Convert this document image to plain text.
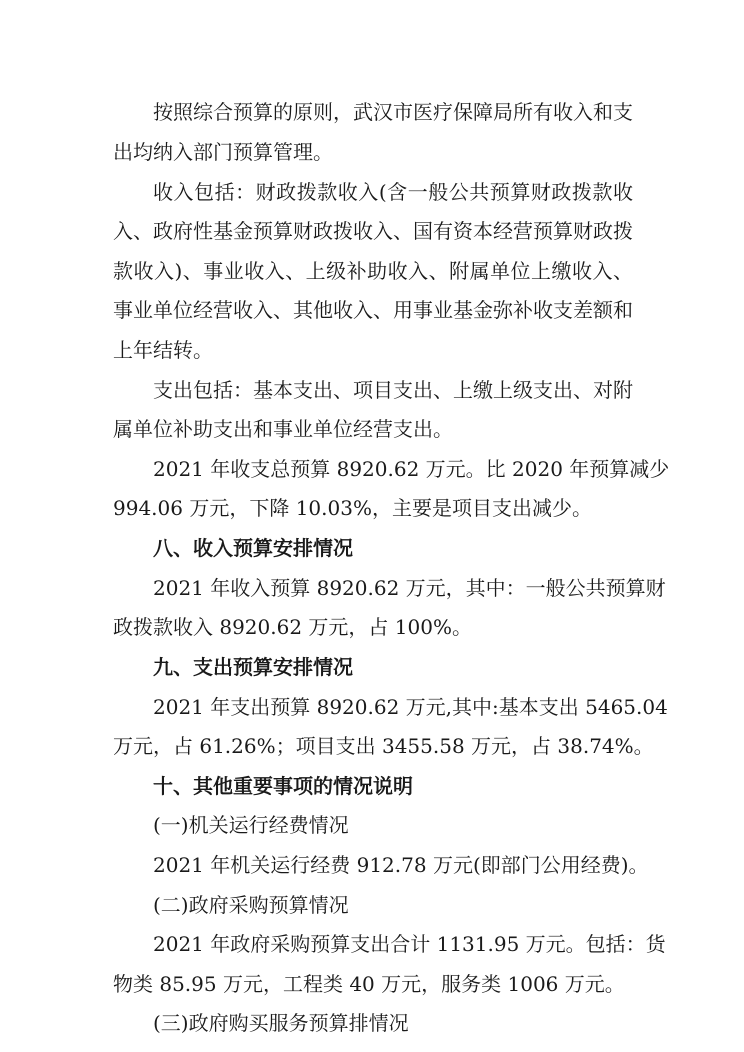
按照综合预算的原则，武汉市医疗保障局所有收入和支
出均纳入部门预算管理。
收入包括：财政拨款收入(含一般公共预算财政拨款收
入、政府性基金预算财政拨收入、国有资本经营预算财政拨
款收入)、事业收入、上级补助收入、附属单位上缴收入、
事业单位经营收入、其他收入、用事业基金弥补收支差额和
上年结转。
支出包括：基本支出、项目支出、上缴上级支出、对附
属单位补助支出和事业单位经营支出。
2021 年收支总预算 8920.62 万元。比 2020 年预算减少
994.06 万元，下降 10.03%，主要是项目支出减少。
八、收入预算安排情况
2021 年收入预算 8920.62 万元，其中：一般公共预算财
政拨款收入 8920.62 万元，占 100%。
九、支出预算安排情况
2021 年支出预算 8920.62 万元,其中:基本支出 5465.04
万元，占 61.26%；项目支出 3455.58 万元，占 38.74%。
十、其他重要事项的情况说明
(一)机关运行经费情况
2021 年机关运行经费 912.78 万元(即部门公用经费)。
(二)政府采购预算情况
2021 年政府采购预算支出合计 1131.95 万元。包括：货
物类 85.95 万元，工程类 40 万元，服务类 1006 万元。
(三)政府购买服务预算排情况
